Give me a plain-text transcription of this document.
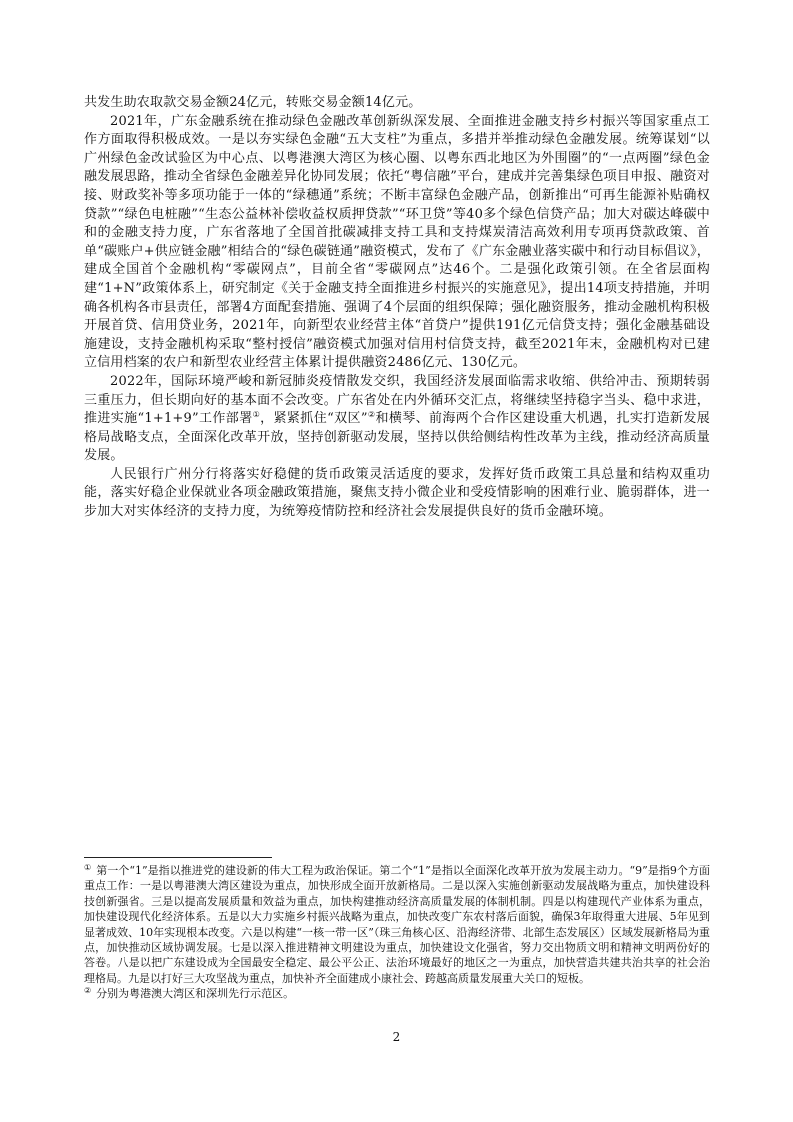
共发生助农取款交易金额24亿元，转账交易金额14亿元。

2021年，广东金融系统在推动绿色金融改革创新纵深发展、全面推进金融支持乡村振兴等国家重点工作方面取得积极成效。一是以夯实绿色金融“五大支柱”为重点，多措并举推动绿色金融发展。统筹谋划“以广州绿色金改试验区为中心点、以粤港澳大湾区为核心圈、以粤东西北地区为外围圈”的“一点两圈”绿色金融发展思路，推动全省绿色金融差异化协同发展；依托“粤信融”平台，建成并完善集绿色项目申报、融资对接、财政奖补等多项功能于一体的“绿穗通”系统；不断丰富绿色金融产品，创新推出“可再生能源补贴确权贷款”“绿色电桩融”“生态公益林补偿收益权质押贷款”“环卫贷”等40多个绿色信贷产品；加大对碳达峰碳中和的金融支持力度，广东省落地了全国首批碳减排支持工具和支持煤炭清洁高效利用专项再贷款政策、首单“碳账户+供应链金融”相结合的“绿色碳链通”融资模式，发布了《广东金融业落实碳中和行动目标倡议》，建成全国首个金融机构“零碳网点”，目前全省“零碳网点”达46个。二是强化政策引领。在全省层面构建“1+N”政策体系上，研究制定《关于金融支持全面推进乡村振兴的实施意见》，提出14项支持措施，并明确各机构各市县责任，部署4方面配套措施、强调了4个层面的组织保障；强化融资服务，推动金融机构积极开展首贷、信用贷业务，2021年，向新型农业经营主体“首贷户”提供191亿元信贷支持；强化金融基础设施建设，支持金融机构采取“整村授信”融资模式加强对信用村信贷支持，截至2021年末，金融机构对已建立信用档案的农户和新型农业经营主体累计提供融资2486亿元、130亿元。

2022年，国际环境严峻和新冠肺炎疫情散发交织，我国经济发展面临需求收缩、供给冲击、预期转弱三重压力，但长期向好的基本面不会改变。广东省处在内外循环交汇点，将继续坚持稳字当头、稳中求进，推进实施“1+1+9”工作部署①，紧紧抓住“双区”②和横琴、前海两个合作区建设重大机遇，扎实打造新发展格局战略支点，全面深化改革开放，坚持创新驱动发展，坚持以供给侧结构性改革为主线，推动经济高质量发展。

人民银行广州分行将落实好稳健的货币政策灵活适度的要求，发挥好货币政策工具总量和结构双重功能，落实好稳企业保就业各项金融政策措施，聚焦支持小微企业和受疫情影响的困难行业、脆弱群体，进一步加大对实体经济的支持力度，为统筹疫情防控和经济社会发展提供良好的货币金融环境。

① 第一个“1”是指以推进党的建设新的伟大工程为政治保证。第二个“1”是指以全面深化改革开放为发展主动力。“9”是指9个方面重点工作：一是以粤港澳大湾区建设为重点，加快形成全面开放新格局。二是以深入实施创新驱动发展战略为重点，加快建设科技创新强省。三是以提高发展质量和效益为重点，加快构建推动经济高质量发展的体制机制。四是以构建现代产业体系为重点，加快建设现代化经济体系。五是以大力实施乡村振兴战略为重点，加快改变广东农村落后面貌，确保3年取得重大进展、5年见到显著成效、10年实现根本改变。六是以构建“一核一带一区”（珠三角核心区、沿海经济带、北部生态发展区）区域发展新格局为重点，加快推动区域协调发展。七是以深入推进精神文明建设为重点，加快建设文化强省，努力交出物质文明和精神文明两份好的答卷。八是以把广东建设成为全国最安全稳定、最公平公正、法治环境最好的地区之一为重点，加快营造共建共治共享的社会治理格局。九是以打好三大攻坚战为重点，加快补齐全面建成小康社会、跨越高质量发展重大关口的短板。

② 分别为粤港澳大湾区和深圳先行示范区。

2
